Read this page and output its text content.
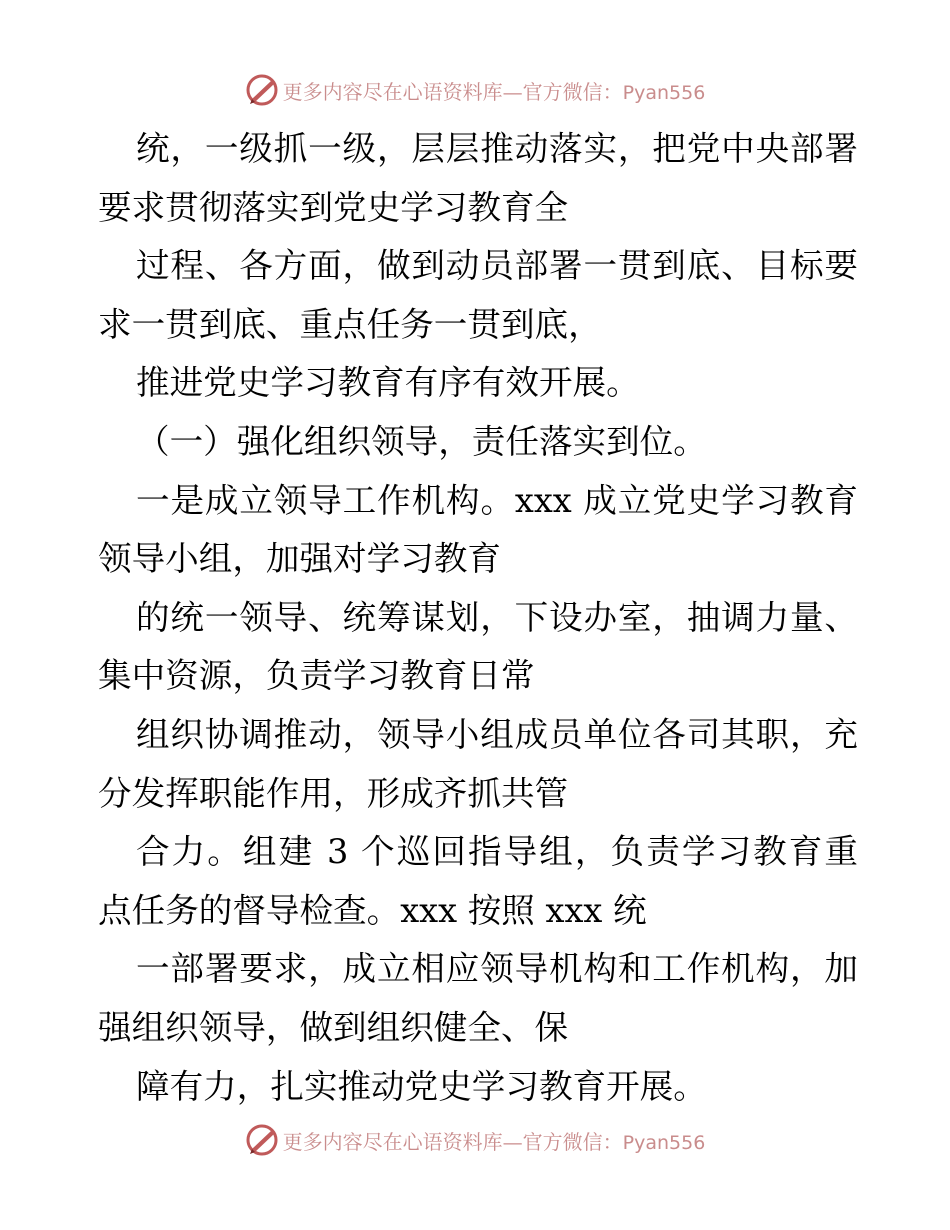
更多内容尽在心语资料库—官方微信：Pyan556
统，一级抓一级，层层推动落实，把党中央部署
要求贯彻落实到党史学习教育全
过程、各方面，做到动员部署一贯到底、目标要
求一贯到底、重点任务一贯到底，
推进党史学习教育有序有效开展。
（一）强化组织领导，责任落实到位。
一是成立领导工作机构。xxx 成立党史学习教育
领导小组，加强对学习教育
的统一领导、统筹谋划，下设办室，抽调力量、
集中资源，负责学习教育日常
组织协调推动，领导小组成员单位各司其职，充
分发挥职能作用，形成齐抓共管
合力。组建 3 个巡回指导组，负责学习教育重
点任务的督导检查。xxx 按照 xxx 统
一部署要求，成立相应领导机构和工作机构，加
强组织领导，做到组织健全、保
障有力，扎实推动党史学习教育开展。
更多内容尽在心语资料库—官方微信：Pyan556
